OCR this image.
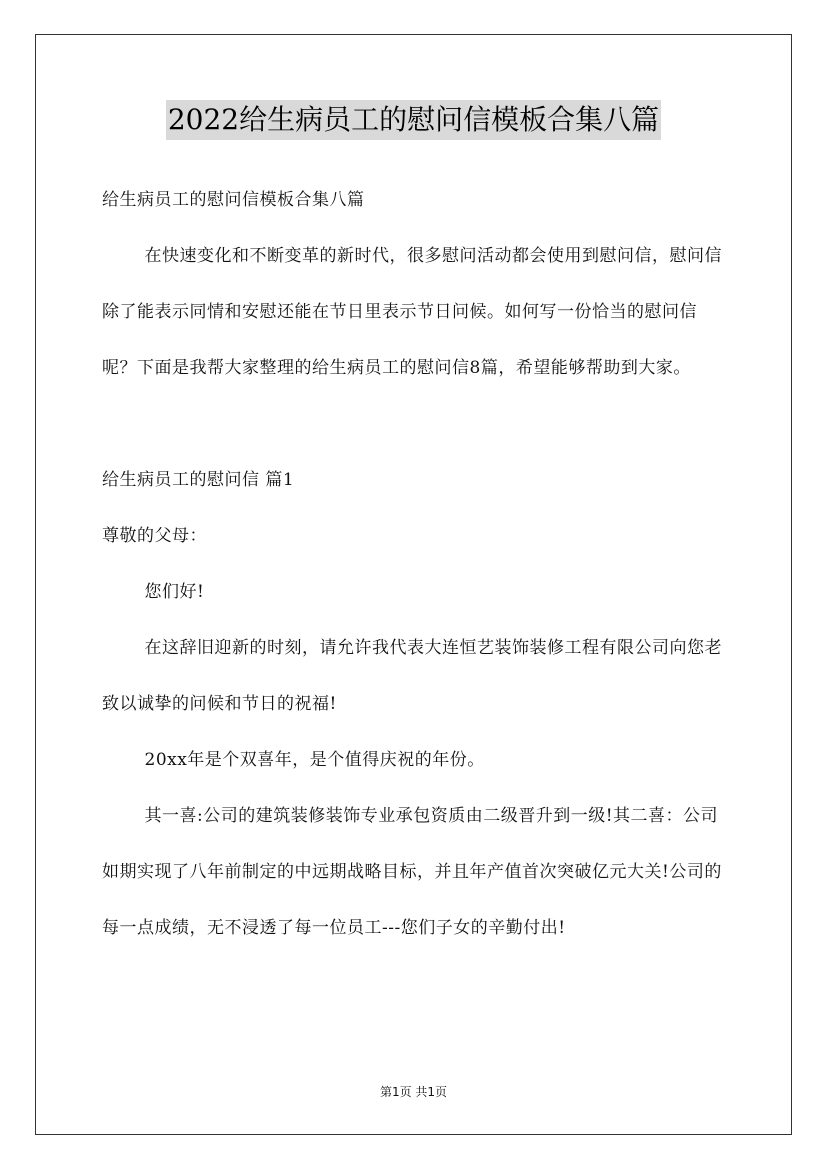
2022给生病员工的慰问信模板合集八篇

给生病员工的慰问信模板合集八篇

在快速变化和不断变革的新时代，很多慰问活动都会使用到慰问信，慰问信除了能表示同情和安慰还能在节日里表示节日问候。如何写一份恰当的慰问信呢？下面是我帮大家整理的给生病员工的慰问信8篇，希望能够帮助到大家。

给生病员工的慰问信 篇1

尊敬的父母：

您们好!

在这辞旧迎新的时刻，请允许我代表大连恒艺装饰装修工程有限公司向您老致以诚挚的问候和节日的祝福!

20xx年是个双喜年，是个值得庆祝的年份。

其一喜:公司的建筑装修装饰专业承包资质由二级晋升到一级!其二喜：公司如期实现了八年前制定的中远期战略目标，并且年产值首次突破亿元大关!公司的每一点成绩，无不浸透了每一位员工---您们子女的辛勤付出!

第1页 共1页
